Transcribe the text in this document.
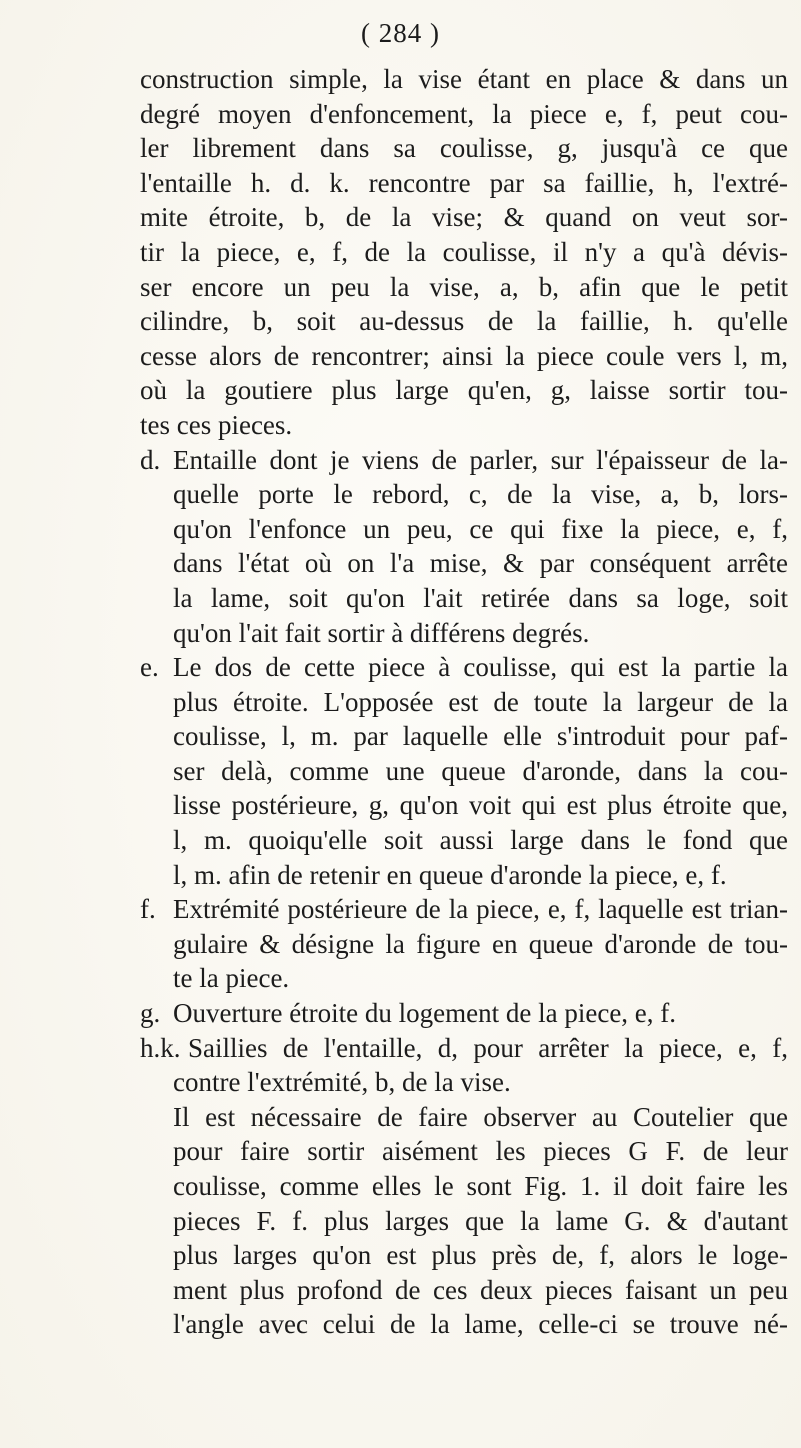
( 284 )
construction simple, la vise étant en place & dans un
degré moyen d'enfoncement, la piece e, f, peut cou-
ler librement dans sa coulisse, g, jusqu'à ce que
l'entaille h. d. k. rencontre par sa faillie, h, l'extré-
mite étroite, b, de la vise; & quand on veut sor-
tir la piece, e, f, de la coulisse, il n'y a qu'à dévis-
ser encore un peu la vise, a, b, afin que le petit
cilindre, b, soit au-dessus de la faillie, h. qu'elle
cesse alors de rencontrer; ainsi la piece coule vers l, m,
où la goutiere plus large qu'en, g, laisse sortir tou-
tes ces pieces.
d. Entaille dont je viens de parler, sur l'épaisseur de la-
quelle porte le rebord, c, de la vise, a, b, lors-
qu'on l'enfonce un peu, ce qui fixe la piece, e, f,
dans l'état où on l'a mise, & par conséquent arrête
la lame, soit qu'on l'ait retirée dans sa loge, soit
qu'on l'ait fait sortir à différens degrés.
e. Le dos de cette piece à coulisse, qui est la partie la
plus étroite. L'opposée est de toute la largeur de la
coulisse, l, m. par laquelle elle s'introduit pour paf-
ser delà, comme une queue d'aronde, dans la cou-
lisse postérieure, g, qu'on voit qui est plus étroite que,
l, m. quoiqu'elle soit aussi large dans le fond que
l, m. afin de retenir en queue d'aronde la piece, e, f.
f. Extrémité postérieure de la piece, e, f, laquelle est trian-
gulaire & désigne la figure en queue d'aronde de tou-
te la piece.
g. Ouverture étroite du logement de la piece, e, f.
h.k. Saillies de l'entaille, d, pour arrêter la piece, e, f,
contre l'extrémité, b, de la vise.
Il est nécessaire de faire observer au Coutelier que
pour faire sortir aisément les pieces G F. de leur
coulisse, comme elles le sont Fig. 1. il doit faire les
pieces F. f. plus larges que la lame G. & d'autant
plus larges qu'on est plus près de, f, alors le loge-
ment plus profond de ces deux pieces faisant un peu
l'angle avec celui de la lame, celle-ci se trouve né-
